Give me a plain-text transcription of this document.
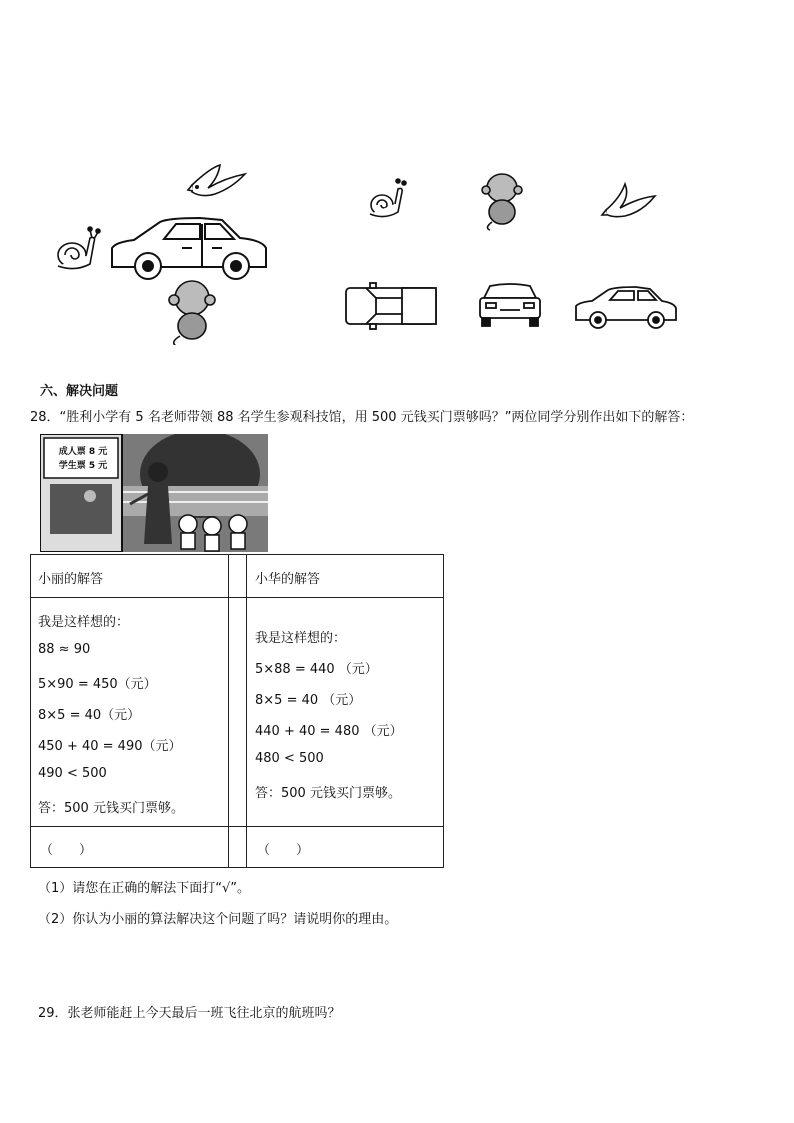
六、解决问题
28．“胜利小学有 5 名老师带领 88 名学生参观科技馆，用 500 元钱买门票够吗？”两位同学分别作出如下的解答：
成人票 8 元
学生票 5 元
小丽的解答	小华的解答
我是这样想的：
88 ≈ 90
5×90 = 450（元）
8×5 = 40（元）
450 + 40 = 490（元）
490 < 500
答：500 元钱买门票够。
我是这样想的：
5×88 = 440 （元）
8×5 = 40 （元）
440 + 40 = 480 （元）
480 < 500
答：500 元钱买门票够。
（　　）	（　　）
（1）请您在正确的解法下面打“√”。
（2）你认为小丽的算法解决这个问题了吗？请说明你的理由。
29．张老师能赶上今天最后一班飞往北京的航班吗？
